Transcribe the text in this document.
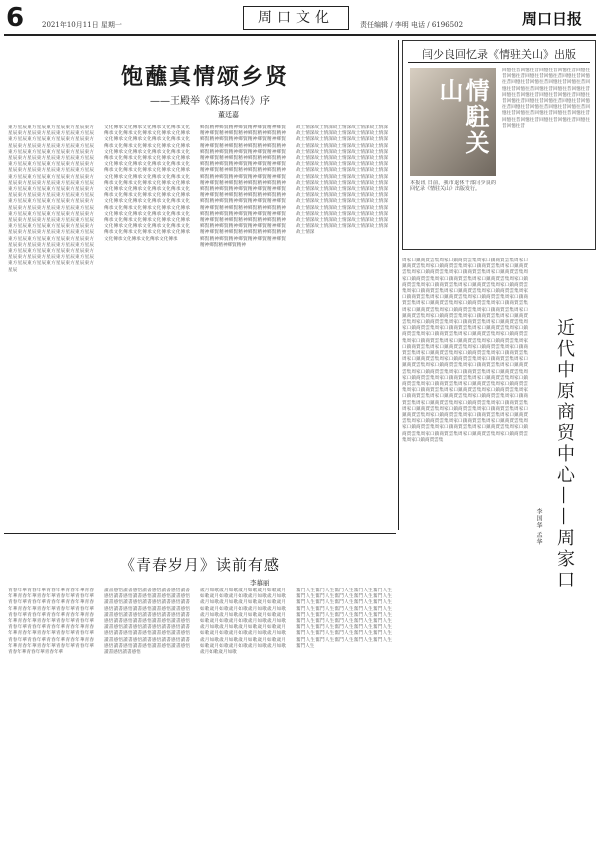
6	2021年10月11日 星期一	周口文化	责任编辑 / 李明 电话 / 6196502	周口日报
饱蘸真情颂乡贤
——王殿举《陈扬昌传》序
董廷嘉
東方星辰東方星辰東方星辰東方星辰東方星辰東方星辰東方星辰東方星辰東方星辰東方星辰東方星辰東方星辰東方星辰東方星辰東方星辰東方星辰東方星辰東方星辰東方星辰東方星辰東方星辰東方星辰東方星辰東方星辰東方星辰東方星辰東方星辰東方星辰東方星辰東方星辰東方星辰東方星辰東方星辰東方星辰東方星辰東方星辰東方星辰東方星辰東方星辰東方星辰東方星辰東方星辰東方星辰東方星辰東方星辰東方星辰東方星辰東方星辰東方星辰東方星辰東方星辰東方星辰東方星辰東方星辰東方星辰東方星辰東方星辰東方星辰東方星辰東方星辰東方星辰東方星辰東方星辰東方星辰東方星辰東方星辰東方星辰東方星辰東方星辰東方星辰東方星辰東方星辰東方星辰東方星辰東方星辰東方星辰東方星辰東方星辰東方星辰東方星辰東方星辰東方星辰東方星辰東方星辰東方星辰東方星辰東方星辰東方星辰東方星辰東方星辰東方星辰東方星辰東方星辰東方星辰東方星辰東方星辰東方星辰東方星辰東方星辰東方星辰東方星辰東方星辰東方星辰東方星辰
文化傳承文化傳承文化傳承文化傳承文化傳承文化傳承文化傳承文化傳承文化傳承文化傳承文化傳承文化傳承文化傳承文化傳承文化傳承文化傳承文化傳承文化傳承文化傳承文化傳承文化傳承文化傳承文化傳承文化傳承文化傳承文化傳承文化傳承文化傳承文化傳承文化傳承文化傳承文化傳承文化傳承文化傳承文化傳承文化傳承文化傳承文化傳承文化傳承文化傳承文化傳承文化傳承文化傳承文化傳承文化傳承文化傳承文化傳承文化傳承文化傳承文化傳承文化傳承文化傳承文化傳承文化傳承文化傳承文化傳承文化傳承文化傳承文化傳承文化傳承文化傳承文化傳承文化傳承文化傳承文化傳承文化傳承文化傳承文化傳承文化傳承文化傳承文化傳承文化傳承文化傳承文化傳承文化傳承文化傳承文化傳承文化傳承文化傳承文化傳承文化傳承文化傳承文化傳承文化傳承文化傳承
鄉賢精神鄉賢精神鄉賢精神鄉賢精神鄉賢精神鄉賢精神鄉賢精神鄉賢精神鄉賢精神鄉賢精神鄉賢精神鄉賢精神鄉賢精神鄉賢精神鄉賢精神鄉賢精神鄉賢精神鄉賢精神鄉賢精神鄉賢精神鄉賢精神鄉賢精神鄉賢精神鄉賢精神鄉賢精神鄉賢精神鄉賢精神鄉賢精神鄉賢精神鄉賢精神鄉賢精神鄉賢精神鄉賢精神鄉賢精神鄉賢精神鄉賢精神鄉賢精神鄉賢精神鄉賢精神鄉賢精神鄉賢精神鄉賢精神鄉賢精神鄉賢精神鄉賢精神鄉賢精神鄉賢精神鄉賢精神鄉賢精神鄉賢精神鄉賢精神鄉賢精神鄉賢精神鄉賢精神鄉賢精神鄉賢精神鄉賢精神鄉賢精神鄉賢精神鄉賢精神鄉賢精神鄉賢精神鄉賢精神鄉賢精神鄉賢精神鄉賢精神鄉賢精神鄉賢精神鄉賢精神鄉賢精神鄉賢精神鄉賢精神鄉賢精神鄉賢精神鄉賢精神鄉賢精神鄉賢精神鄉賢精神鄉賢精神鄉賢精神鄉賢精神鄉賢精神鄉賢精神鄉賢精神鄉賢精神鄉賢精神鄉賢精神鄉賢精神
故土情深故土情深故土情深故土情深故土情深故土情深故土情深故土情深故土情深故土情深故土情深故土情深故土情深故土情深故土情深故土情深故土情深故土情深故土情深故土情深故土情深故土情深故土情深故土情深故土情深故土情深故土情深故土情深故土情深故土情深故土情深故土情深故土情深故土情深故土情深故土情深故土情深故土情深故土情深故土情深故土情深故土情深故土情深故土情深故土情深故土情深故土情深故土情深故土情深故土情深故土情深故土情深故土情深故土情深故土情深故土情深故土情深故土情深故土情深故土情深故土情深故土情深故土情深故土情深故土情深故土情深故土情深故土情深故土情深故土情深故土情深故土情深故土情深故土情深故土情深故土情深故土情深故土情深故土情深故土情深故土情深故土情深故土情深故土情深故土情深故土情深
闫少良回忆录《情驻关山》出版
情駐关山
本报讯 日前，我市退休干部闫少良的回忆录《情驻关山》出版发行。
回憶往昔回憶往昔回憶往昔回憶往昔回憶往昔回憶往昔回憶往昔回憶往昔回憶往昔回憶往昔回憶往昔回憶往昔回憶往昔回憶往昔回憶往昔回憶往昔回憶往昔回憶往昔回憶往昔回憶往昔回憶往昔回憶往昔回憶往昔回憶往昔回憶往昔回憶往昔回憶往昔回憶往昔回憶往昔回憶往昔回憶往昔回憶往昔回憶往昔回憶往昔回憶往昔回憶往昔回憶往昔回憶往昔回憶往昔回憶往昔回憶往昔回憶往昔回憶往昔回憶往昔
近代中原商贸中心——周家口
李国华 孟华
周家口鎮商賈雲集周家口鎮商賈雲集周家口鎮商賈雲集周家口鎮商賈雲集周家口鎮商賈雲集周家口鎮商賈雲集周家口鎮商賈雲集周家口鎮商賈雲集周家口鎮商賈雲集周家口鎮商賈雲集周家口鎮商賈雲集周家口鎮商賈雲集周家口鎮商賈雲集周家口鎮商賈雲集周家口鎮商賈雲集周家口鎮商賈雲集周家口鎮商賈雲集周家口鎮商賈雲集周家口鎮商賈雲集周家口鎮商賈雲集周家口鎮商賈雲集周家口鎮商賈雲集周家口鎮商賈雲集周家口鎮商賈雲集周家口鎮商賈雲集周家口鎮商賈雲集周家口鎮商賈雲集周家口鎮商賈雲集周家口鎮商賈雲集周家口鎮商賈雲集周家口鎮商賈雲集周家口鎮商賈雲集周家口鎮商賈雲集周家口鎮商賈雲集周家口鎮商賈雲集周家口鎮商賈雲集周家口鎮商賈雲集周家口鎮商賈雲集周家口鎮商賈雲集周家口鎮商賈雲集周家口鎮商賈雲集周家口鎮商賈雲集周家口鎮商賈雲集周家口鎮商賈雲集周家口鎮商賈雲集周家口鎮商賈雲集周家口鎮商賈雲集周家口鎮商賈雲集周家口鎮商賈雲集周家口鎮商賈雲集周家口鎮商賈雲集周家口鎮商賈雲集周家口鎮商賈雲集周家口鎮商賈雲集周家口鎮商賈雲集周家口鎮商賈雲集周家口鎮商賈雲集周家口鎮商賈雲集周家口鎮商賈雲集周家口鎮商賈雲集周家口鎮商賈雲集周家口鎮商賈雲集周家口鎮商賈雲集周家口鎮商賈雲集周家口鎮商賈雲集周家口鎮商賈雲集周家口鎮商賈雲集周家口鎮商賈雲集周家口鎮商賈雲集周家口鎮商賈雲集周家口鎮商賈雲集周家口鎮商賈雲集周家口鎮商賈雲集周家口鎮商賈雲集周家口鎮商賈雲集周家口鎮商賈雲集周家口鎮商賈雲集周家口鎮商賈雲集周家口鎮商賈雲集周家口鎮商賈雲集周家口鎮商賈雲集周家口鎮商賈雲集周家口鎮商賈雲集周家口鎮商賈雲集周家口鎮商賈雲集周家口鎮商賈雲集周家口鎮商賈雲集周家口鎮商賈雲集周家口鎮商賈雲集周家口鎮商賈雲集周家口鎮商賈雲集周家口鎮商賈雲集周家口鎮商賈雲集周家口鎮商賈雲集周家口鎮商賈雲集周家口鎮商賈雲集周家口鎮商賈雲集周家口鎮商賈雲集周家口鎮商賈雲集
《青春岁月》读前有感
李慕丽
青春年華青春年華青春年華青春年華青春年華青春年華青春年華青春年華青春年華青春年華青春年華青春年華青春年華青春年華青春年華青春年華青春年華青春年華青春年華青春年華青春年華青春年華青春年華青春年華青春年華青春年華青春年華青春年華青春年華青春年華青春年華青春年華青春年華青春年華青春年華青春年華青春年華青春年華青春年華青春年華青春年華青春年華青春年華青春年華青春年華青春年華青春年華青春年華
讀書感悟讀書感悟讀書感悟讀書感悟讀書感悟讀書感悟讀書感悟讀書感悟讀書感悟讀書感悟讀書感悟讀書感悟讀書感悟讀書感悟讀書感悟讀書感悟讀書感悟讀書感悟讀書感悟讀書感悟讀書感悟讀書感悟讀書感悟讀書感悟讀書感悟讀書感悟讀書感悟讀書感悟讀書感悟讀書感悟讀書感悟讀書感悟讀書感悟讀書感悟讀書感悟讀書感悟讀書感悟讀書感悟讀書感悟讀書感悟讀書感悟讀書感悟讀書感悟讀書感悟讀書感悟讀書感悟讀書感悟
歲月如歌歲月如歌歲月如歌歲月如歌歲月如歌歲月如歌歲月如歌歲月如歌歲月如歌歲月如歌歲月如歌歲月如歌歲月如歌歲月如歌歲月如歌歲月如歌歲月如歌歲月如歌歲月如歌歲月如歌歲月如歌歲月如歌歲月如歌歲月如歌歲月如歌歲月如歌歲月如歌歲月如歌歲月如歌歲月如歌歲月如歌歲月如歌歲月如歌歲月如歌歲月如歌歲月如歌歲月如歌歲月如歌歲月如歌歲月如歌歲月如歌歲月如歌歲月如歌歲月如歌歲月如歌歲月如歌歲月如歌
奮鬥人生奮鬥人生奮鬥人生奮鬥人生奮鬥人生奮鬥人生奮鬥人生奮鬥人生奮鬥人生奮鬥人生奮鬥人生奮鬥人生奮鬥人生奮鬥人生奮鬥人生奮鬥人生奮鬥人生奮鬥人生奮鬥人生奮鬥人生奮鬥人生奮鬥人生奮鬥人生奮鬥人生奮鬥人生奮鬥人生奮鬥人生奮鬥人生奮鬥人生奮鬥人生奮鬥人生奮鬥人生奮鬥人生奮鬥人生奮鬥人生奮鬥人生奮鬥人生奮鬥人生奮鬥人生奮鬥人生奮鬥人生奮鬥人生奮鬥人生奮鬥人生奮鬥人生奮鬥人生
